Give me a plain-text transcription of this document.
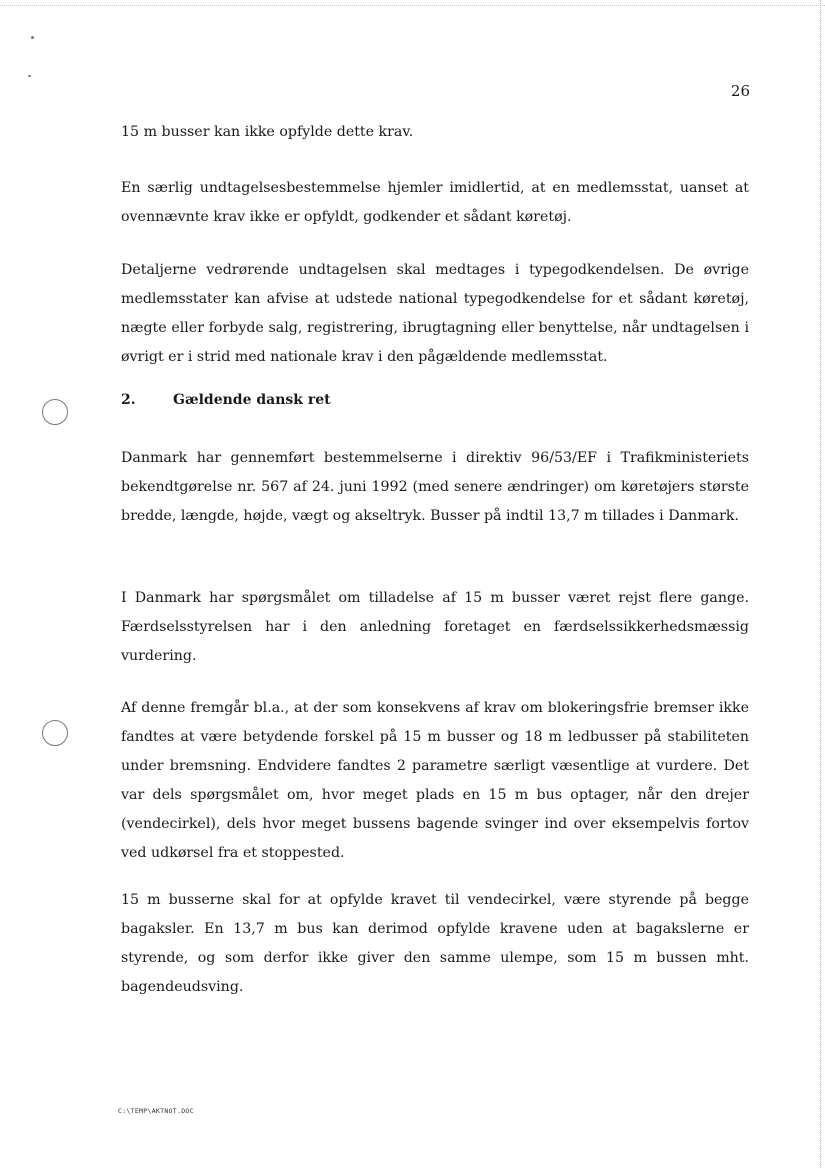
26

15 m busser kan ikke opfylde dette krav.

En særlig undtagelsesbestemmelse hjemler imidlertid, at en medlemsstat, uanset at ovennævnte krav ikke er opfyldt, godkender et sådant køretøj.

Detaljerne vedrørende undtagelsen skal medtages i typegodkendelsen. De øvrige medlemsstater kan afvise at udstede national typegodkendelse for et sådant køretøj, nægte eller forbyde salg, registrering, ibrugtagning eller benyttelse, når undtagelsen i øvrigt er i strid med nationale krav i den pågældende medlemsstat.

2.	Gældende dansk ret

Danmark har gennemført bestemmelserne i direktiv 96/53/EF i Trafikministeriets bekendtgørelse nr. 567 af 24. juni 1992 (med senere ændringer) om køretøjers største bredde, længde, højde, vægt og akseltryk. Busser på indtil 13,7 m tillades i Danmark.

I Danmark har spørgsmålet om tilladelse af 15 m busser været rejst flere gange. Færdselsstyrelsen har i den anledning foretaget en færdselssikkerhedsmæssig vurdering.

Af denne fremgår bl.a., at der som konsekvens af krav om blokeringsfrie bremser ikke fandtes at være betydende forskel på 15 m busser og 18 m ledbusser på stabiliteten under bremsning. Endvidere fandtes 2 parametre særligt væsentlige at vurdere. Det var dels spørgsmålet om, hvor meget plads en 15 m bus optager, når den drejer (vendecirkel), dels hvor meget bussens bagende svinger ind over eksempelvis fortov ved udkørsel fra et stoppested.

15 m busserne skal for at opfylde kravet til vendecirkel, være styrende på begge bagaksler. En 13,7 m bus kan derimod opfylde kravene uden at bagakslerne er styrende, og som derfor ikke giver den samme ulempe, som 15 m bussen mht. bagendeudsving.

C:\TEMP\AKTNOT.DOC
